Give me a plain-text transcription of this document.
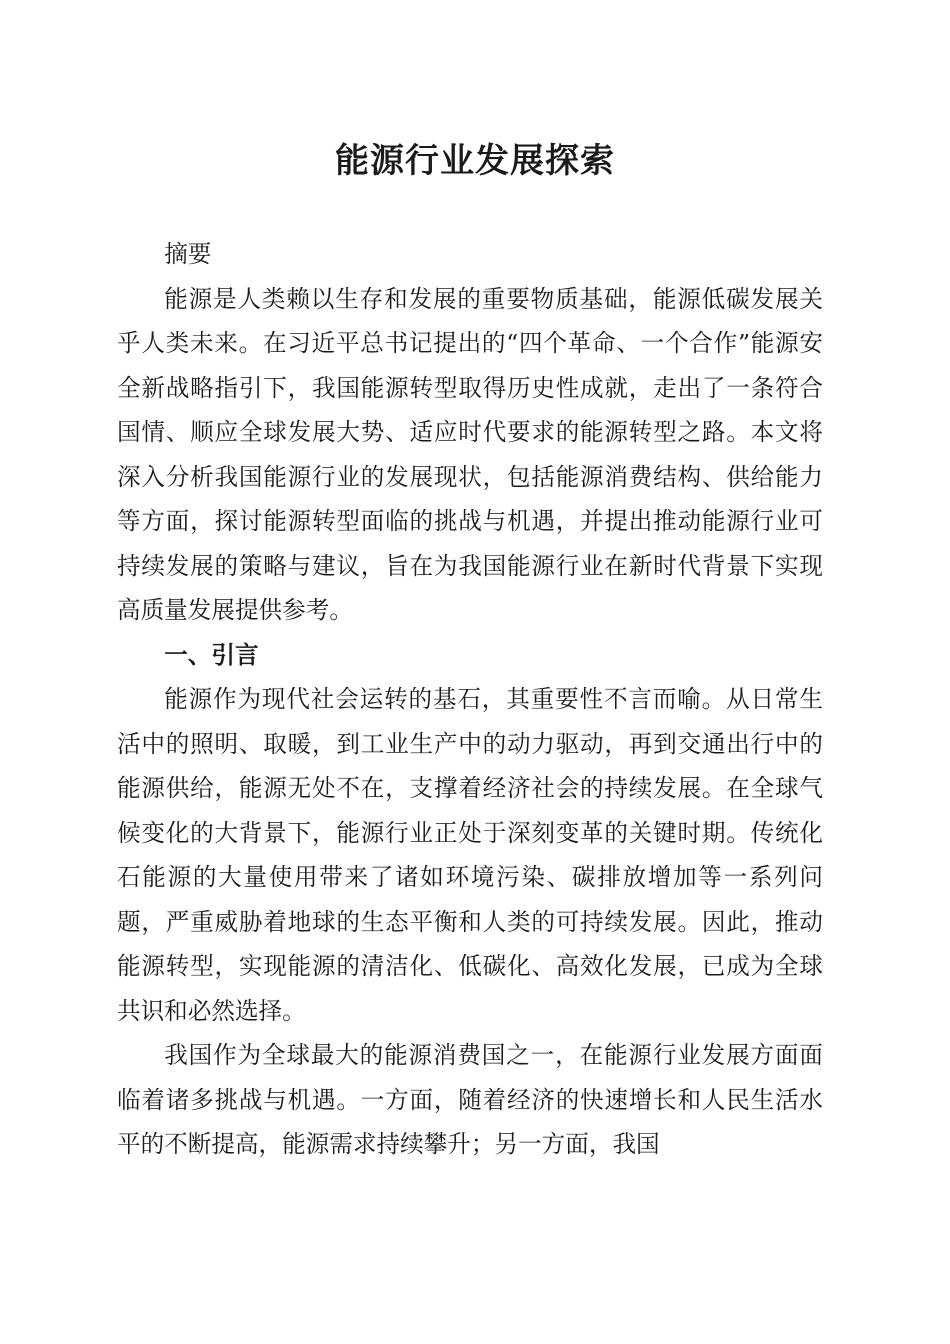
能源行业发展探索

摘要

能源是人类赖以生存和发展的重要物质基础，能源低碳发展关乎人类未来。在习近平总书记提出的“四个革命、一个合作”能源安全新战略指引下，我国能源转型取得历史性成就，走出了一条符合国情、顺应全球发展大势、适应时代要求的能源转型之路。本文将深入分析我国能源行业的发展现状，包括能源消费结构、供给能力等方面，探讨能源转型面临的挑战与机遇，并提出推动能源行业可持续发展的策略与建议，旨在为我国能源行业在新时代背景下实现高质量发展提供参考。

一、引言

能源作为现代社会运转的基石，其重要性不言而喻。从日常生活中的照明、取暖，到工业生产中的动力驱动，再到交通出行中的能源供给，能源无处不在，支撑着经济社会的持续发展。在全球气候变化的大背景下，能源行业正处于深刻变革的关键时期。传统化石能源的大量使用带来了诸如环境污染、碳排放增加等一系列问题，严重威胁着地球的生态平衡和人类的可持续发展。因此，推动能源转型，实现能源的清洁化、低碳化、高效化发展，已成为全球共识和必然选择。

我国作为全球最大的能源消费国之一，在能源行业发展方面面临着诸多挑战与机遇。一方面，随着经济的快速增长和人民生活水平的不断提高，能源需求持续攀升；另一方面，我国
